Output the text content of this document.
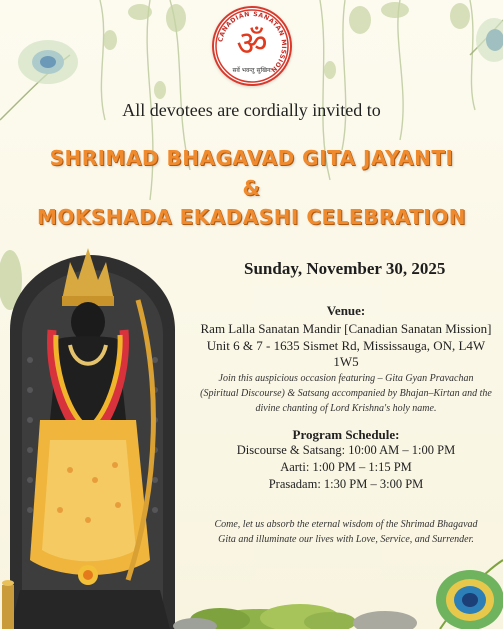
CANADIAN SANATAN MISSION
ॐ
सर्वे भवन्तु सुखिनः
All devotees are cordially invited to
SHRIMAD BHAGAVAD GITA JAYANTI
&
MOKSHADA EKADASHI CELEBRATION
Sunday, November 30, 2025
Venue:
Ram Lalla Sanatan Mandir [Canadian Sanatan Mission]
Unit 6 & 7 - 1635 Sismet Rd, Mississauga, ON, L4W 1W5
Join this auspicious occasion featuring – Gita Gyan Pravachan
(Spiritual Discourse) & Satsang accompanied by Bhajan–Kirtan and the
divine chanting of Lord Krishna's holy name.
Program Schedule:
Discourse & Satsang: 10:00 AM – 1:00 PM
Aarti: 1:00 PM – 1:15 PM
Prasadam: 1:30 PM – 3:00 PM
Come, let us absorb the eternal wisdom of the Shrimad Bhagavad
Gita and illuminate our lives with Love, Service, and Surrender.
